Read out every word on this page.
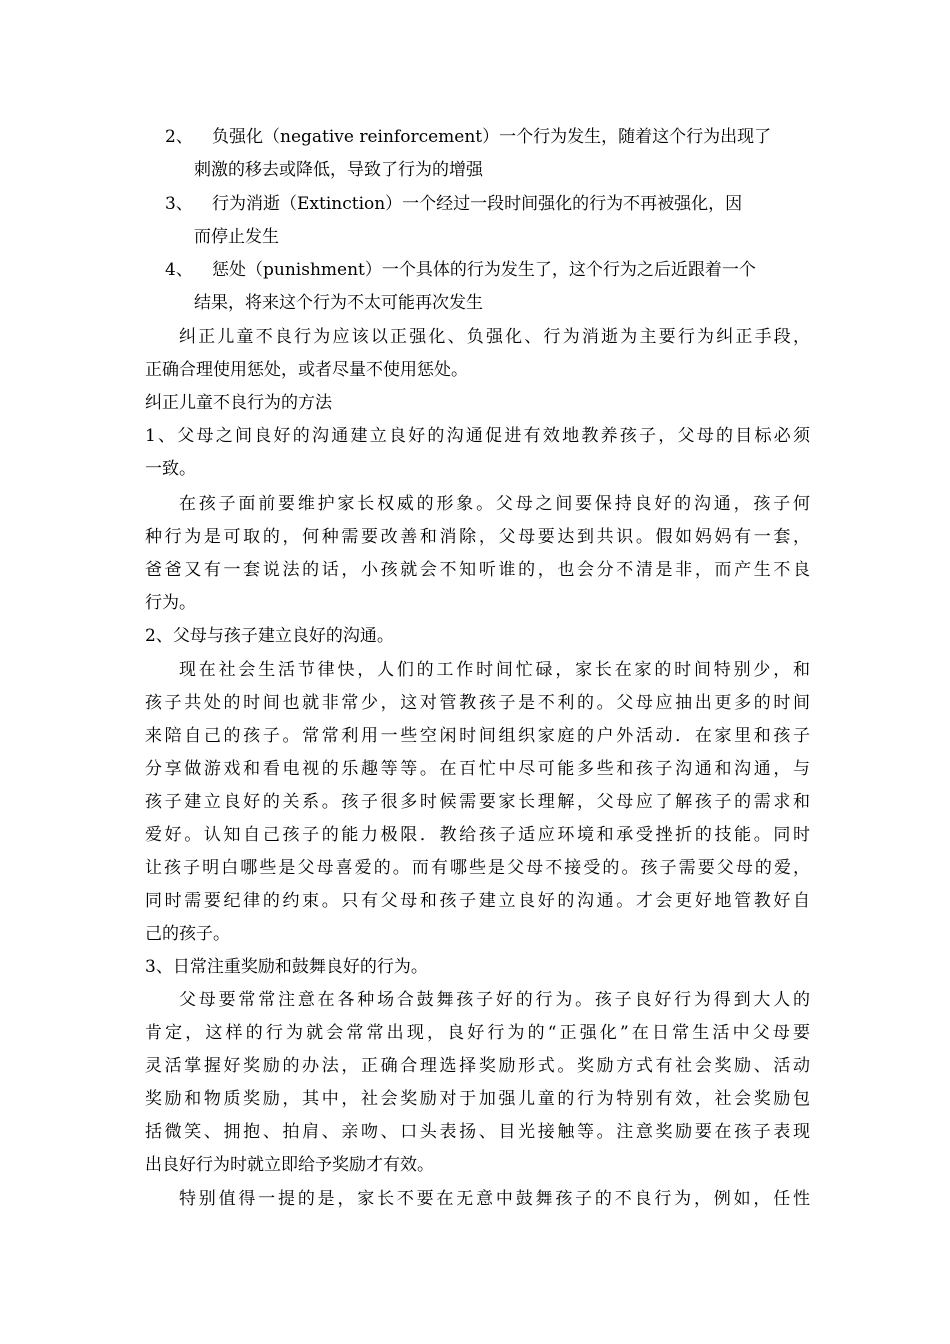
2、 负强化（negative reinforcement）一个行为发生，随着这个行为出现了
刺激的移去或降低，导致了行为的增强
3、 行为消逝（Extinction）一个经过一段时间强化的行为不再被强化，因
而停止发生
4、 惩处（punishment）一个具体的行为发生了，这个行为之后近跟着一个
结果，将来这个行为不太可能再次发生
纠正儿童不良行为应该以正强化、负强化、行为消逝为主要行为纠正手段，
正确合理使用惩处，或者尽量不使用惩处。
纠正儿童不良行为的方法
1、父母之间良好的沟通建立良好的沟通促进有效地教养孩子，父母的目标必须
一致。
在孩子面前要维护家长权威的形象。父母之间要保持良好的沟通，孩子何
种行为是可取的，何种需要改善和消除，父母要达到共识。假如妈妈有一套，
爸爸又有一套说法的话，小孩就会不知听谁的，也会分不清是非，而产生不良
行为。
2、父母与孩子建立良好的沟通。
现在社会生活节律快，人们的工作时间忙碌，家长在家的时间特别少，和
孩子共处的时间也就非常少，这对管教孩子是不利的。父母应抽出更多的时间
来陪自己的孩子。常常利用一些空闲时间组织家庭的户外活动．在家里和孩子
分享做游戏和看电视的乐趣等等。在百忙中尽可能多些和孩子沟通和沟通，与
孩子建立良好的关系。孩子很多时候需要家长理解，父母应了解孩子的需求和
爱好。认知自己孩子的能力极限．教给孩子适应环境和承受挫折的技能。同时
让孩子明白哪些是父母喜爱的。而有哪些是父母不接受的。孩子需要父母的爱，
同时需要纪律的约束。只有父母和孩子建立良好的沟通。才会更好地管教好自
己的孩子。
3、日常注重奖励和鼓舞良好的行为。
父母要常常注意在各种场合鼓舞孩子好的行为。孩子良好行为得到大人的
肯定，这样的行为就会常常出现，良好行为的“正强化”在日常生活中父母要
灵活掌握好奖励的办法，正确合理选择奖励形式。奖励方式有社会奖励、活动
奖励和物质奖励，其中，社会奖励对于加强儿童的行为特别有效，社会奖励包
括微笑、拥抱、拍肩、亲吻、口头表扬、目光接触等。注意奖励要在孩子表现
出良好行为时就立即给予奖励才有效。
特别值得一提的是，家长不要在无意中鼓舞孩子的不良行为，例如，任性
